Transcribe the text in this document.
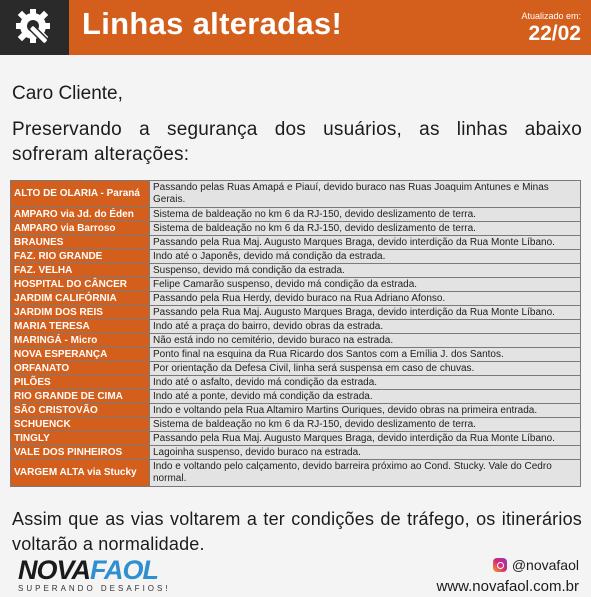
Linhas alteradas!	Atualizado em:
22/02
Caro Cliente,
Preservando a segurança dos usuários, as linhas abaixo sofreram alterações:
ALTO DE OLARIA - Paraná	Passando pelas Ruas Amapá e Piauí, devido buraco nas Ruas Joaquim Antunes e Minas Gerais.
AMPARO via Jd. do Éden	Sistema de baldeação no km 6 da RJ-150, devido deslizamento de terra.
AMPARO via Barroso	Sistema de baldeação no km 6 da RJ-150, devido deslizamento de terra.
BRAUNES	Passando pela Rua Maj. Augusto Marques Braga, devido interdição da Rua Monte Líbano.
FAZ. RIO GRANDE	Indo até o Japonês, devido má condição da estrada.
FAZ. VELHA	Suspenso, devido má condição da estrada.
HOSPITAL DO CÂNCER	Felipe Camarão suspenso, devido má condição da estrada.
JARDIM CALIFÓRNIA	Passando pela Rua Herdy, devido buraco na Rua Adriano Afonso.
JARDIM DOS REIS	Passando pela Rua Maj. Augusto Marques Braga, devido interdição da Rua Monte Líbano.
MARIA TERESA	Indo até a praça do bairro, devido obras da estrada.
MARINGÁ - Micro	Não está indo no cemitério, devido buraco na estrada.
NOVA ESPERANÇA	Ponto final na esquina da Rua Ricardo dos Santos com a Emília J. dos Santos.
ORFANATO	Por orientação da Defesa Civil, linha será suspensa em caso de chuvas.
PILÕES	Indo até o asfalto, devido má condição da estrada.
RIO GRANDE DE CIMA	Indo até a ponte, devido má condição da estrada.
SÃO CRISTOVÃO	Indo e voltando pela Rua Altamiro Martins Ouriques, devido obras na primeira entrada.
SCHUENCK	Sistema de baldeação no km 6 da RJ-150, devido deslizamento de terra.
TINGLY	Passando pela Rua Maj. Augusto Marques Braga, devido interdição da Rua Monte Líbano.
VALE DOS PINHEIROS	Lagoinha suspenso, devido buraco na estrada.
VARGEM ALTA via Stucky	Indo e voltando pelo calçamento, devido barreira próximo ao Cond. Stucky. Vale do Cedro normal.
Assim que as vias voltarem a ter condições de tráfego, os itinerários voltarão a normalidade.
NOVAFAOL
SUPERANDO DESAFIOS!
@novafaol
www.novafaol.com.br
